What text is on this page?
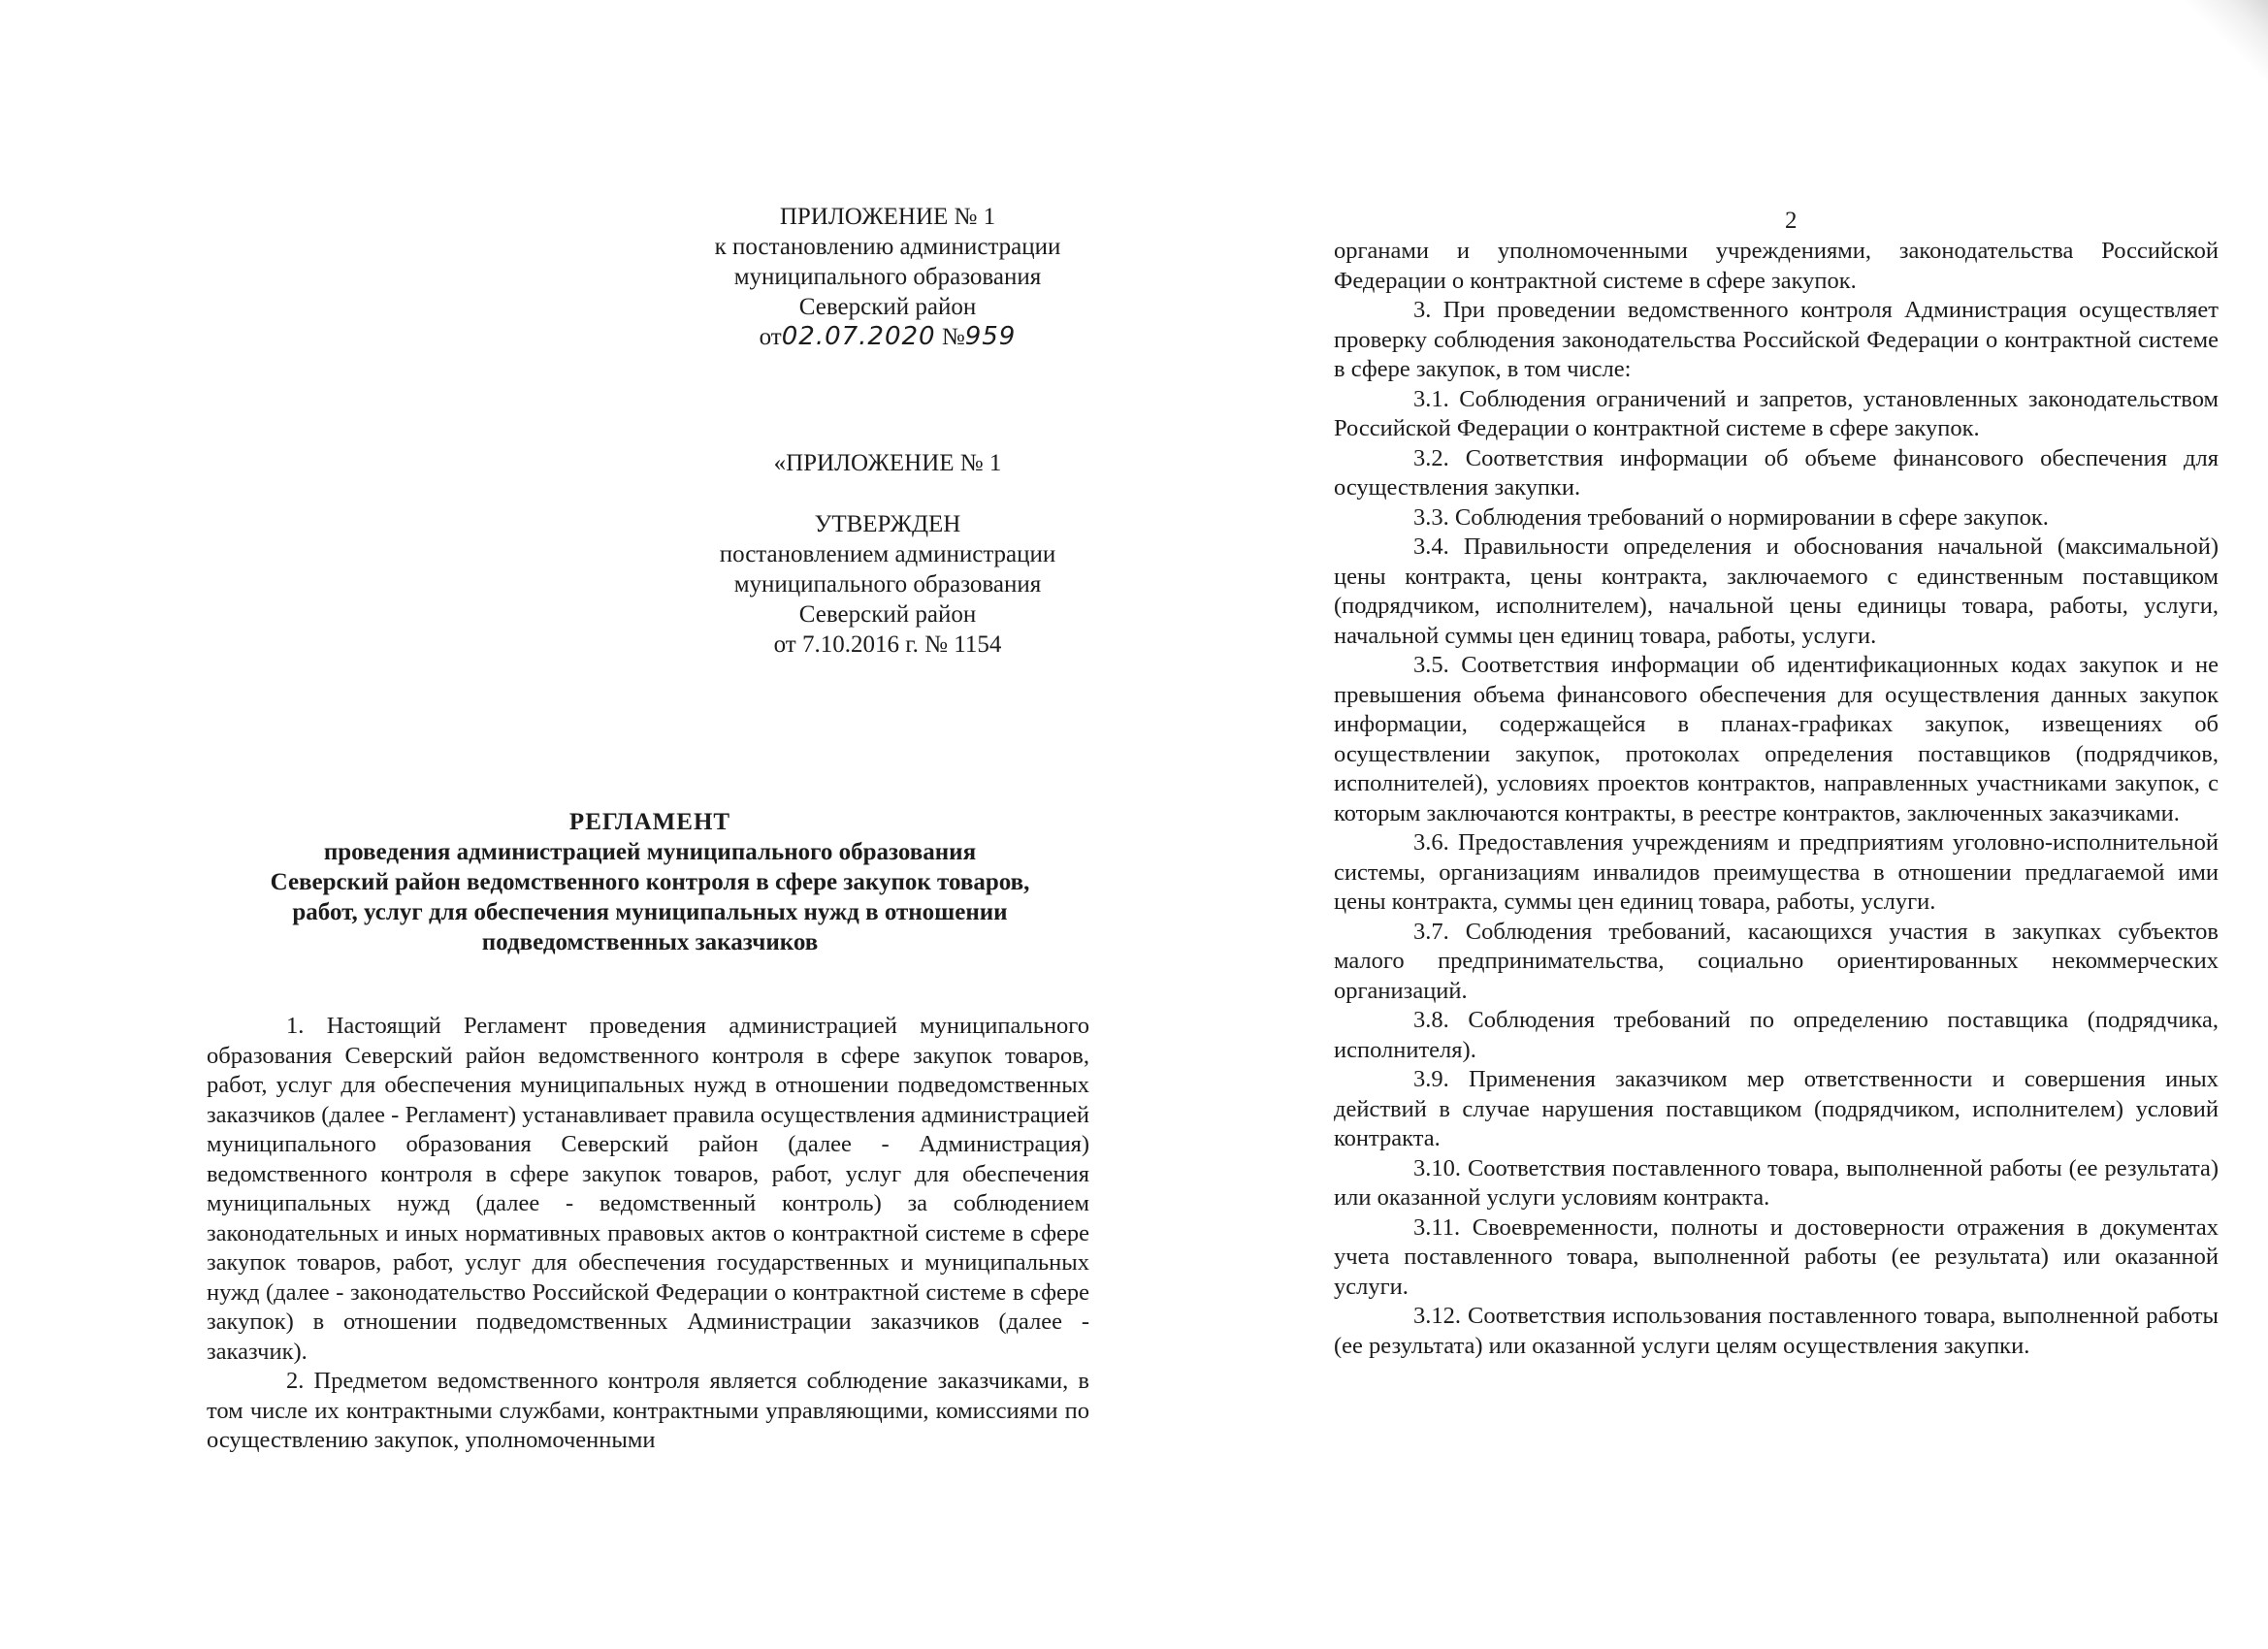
ПРИЛОЖЕНИЕ № 1
к постановлению администрации
муниципального образования
Северский район
от02.07.2020 №959
«ПРИЛОЖЕНИЕ № 1
УТВЕРЖДЕН
постановлением администрации
муниципального образования
Северский район
от 7.10.2016 г. № 1154
РЕГЛАМЕНТ
проведения администрацией муниципального образования
Северский район ведомственного контроля в сфере закупок товаров,
работ, услуг для обеспечения муниципальных нужд в отношении
подведомственных заказчиков

1. Настоящий Регламент проведения администрацией муниципального образования Северский район ведомственного контроля в сфере закупок товаров, работ, услуг для обеспечения муниципальных нужд в отношении подведомственных заказчиков (далее - Регламент) устанавливает правила осуществления администрацией муниципального образования Северский район (далее - Администрация) ведомственного контроля в сфере закупок товаров, работ, услуг для обеспечения муниципальных нужд (далее - ведомственный контроль) за соблюдением законодательных и иных нормативных правовых актов о контрактной системе в сфере закупок товаров, работ, услуг для обеспечения государственных и муниципальных нужд (далее - законодательство Российской Федерации о контрактной системе в сфере закупок) в отношении подведомственных Администрации заказчиков (далее - заказчик).

2. Предметом ведомственного контроля является соблюдение заказчиками, в том числе их контрактными службами, контрактными управляющими, комиссиями по осуществлению закупок, уполномоченными

2

органами и уполномоченными учреждениями, законодательства Российской Федерации о контрактной системе в сфере закупок.

3. При проведении ведомственного контроля Администрация осуществляет проверку соблюдения законодательства Российской Федерации о контрактной системе в сфере закупок, в том числе:

3.1. Соблюдения ограничений и запретов, установленных законодательством Российской Федерации о контрактной системе в сфере закупок.

3.2. Соответствия информации об объеме финансового обеспечения для осуществления закупки.

3.3. Соблюдения требований о нормировании в сфере закупок.

3.4. Правильности определения и обоснования начальной (максимальной) цены контракта, цены контракта, заключаемого с единственным поставщиком (подрядчиком, исполнителем), начальной цены единицы товара, работы, услуги, начальной суммы цен единиц товара, работы, услуги.

3.5. Соответствия информации об идентификационных кодах закупок и не превышения объема финансового обеспечения для осуществления данных закупок информации, содержащейся в планах-графиках закупок, извещениях об осуществлении закупок, протоколах определения поставщиков (подрядчиков, исполнителей), условиях проектов контрактов, направленных участниками закупок, с которым заключаются контракты, в реестре контрактов, заключенных заказчиками.

3.6. Предоставления учреждениям и предприятиям уголовно-исполнительной системы, организациям инвалидов преимущества в отношении предлагаемой ими цены контракта, суммы цен единиц товара, работы, услуги.

3.7. Соблюдения требований, касающихся участия в закупках субъектов малого предпринимательства, социально ориентированных некоммерческих организаций.

3.8. Соблюдения требований по определению поставщика (подрядчика, исполнителя).

3.9. Применения заказчиком мер ответственности и совершения иных действий в случае нарушения поставщиком (подрядчиком, исполнителем) условий контракта.

3.10. Соответствия поставленного товара, выполненной работы (ее результата) или оказанной услуги условиям контракта.

3.11. Своевременности, полноты и достоверности отражения в документах учета поставленного товара, выполненной работы (ее результата) или оказанной услуги.

3.12. Соответствия использования поставленного товара, выполненной работы (ее результата) или оказанной услуги целям осуществления закупки.
